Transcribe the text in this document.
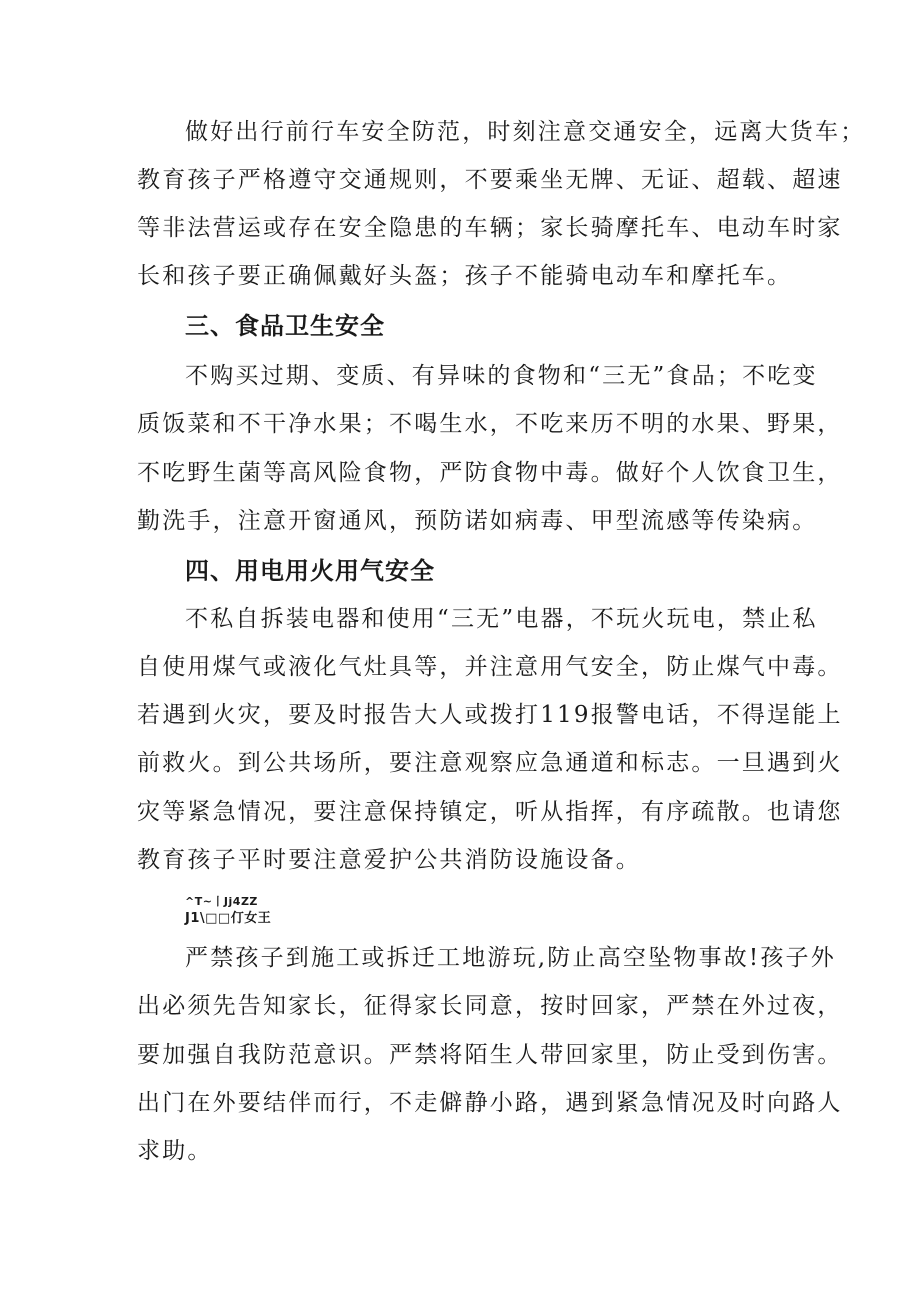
做好出行前行车安全防范，时刻注意交通安全，远离大货车；
教育孩子严格遵守交通规则，不要乘坐无牌、无证、超载、超速
等非法营运或存在安全隐患的车辆；家长骑摩托车、电动车时家
长和孩子要正确佩戴好头盔；孩子不能骑电动车和摩托车。
三、食品卫生安全
不购买过期、变质、有异味的食物和“三无”食品；不吃变
质饭菜和不干净水果；不喝生水，不吃来历不明的水果、野果，
不吃野生菌等高风险食物，严防食物中毒。做好个人饮食卫生，
勤洗手，注意开窗通风，预防诺如病毒、甲型流感等传染病。
四、用电用火用气安全
不私自拆装电器和使用“三无”电器，不玩火玩电，禁止私
自使用煤气或液化气灶具等，并注意用气安全，防止煤气中毒。
若遇到火灾，要及时报告大人或拨打119报警电话，不得逞能上
前救火。到公共场所，要注意观察应急通道和标志。一旦遇到火
灾等紧急情况，要注意保持镇定，听从指挥，有序疏散。也请您
教育孩子平时要注意爱护公共消防设施设备。
^T~丨Jj4ZZ
J1\□□仃女王
严禁孩子到施工或拆迁工地游玩,防止高空坠物事故!孩子外
出必须先告知家长，征得家长同意，按时回家，严禁在外过夜，
要加强自我防范意识。严禁将陌生人带回家里，防止受到伤害。
出门在外要结伴而行，不走僻静小路，遇到紧急情况及时向路人
求助。
